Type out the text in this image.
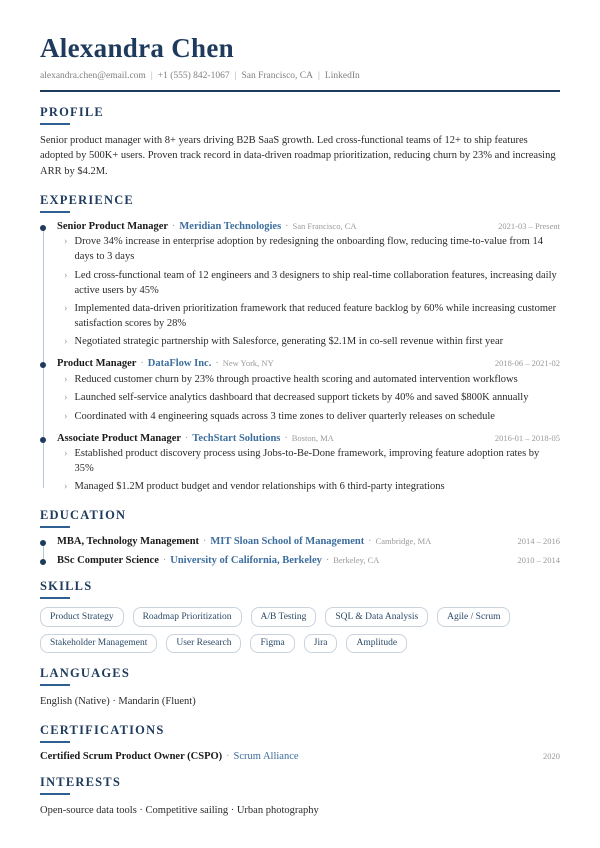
Alexandra Chen
alexandra.chen@email.com | +1 (555) 842-1067 | San Francisco, CA | LinkedIn
PROFILE
Senior product manager with 8+ years driving B2B SaaS growth. Led cross-functional teams of 12+ to ship features adopted by 500K+ users. Proven track record in data-driven roadmap prioritization, reducing churn by 23% and increasing ARR by $4.2M.
EXPERIENCE
Senior Product Manager · Meridian Technologies · San Francisco, CA	2021-03 – Present
› Drove 34% increase in enterprise adoption by redesigning the onboarding flow, reducing time-to-value from 14 days to 3 days
› Led cross-functional team of 12 engineers and 3 designers to ship real-time collaboration features, increasing daily active users by 45%
› Implemented data-driven prioritization framework that reduced feature backlog by 60% while increasing customer satisfaction scores by 28%
› Negotiated strategic partnership with Salesforce, generating $2.1M in co-sell revenue within first year
Product Manager · DataFlow Inc. · New York, NY	2018-06 – 2021-02
› Reduced customer churn by 23% through proactive health scoring and automated intervention workflows
› Launched self-service analytics dashboard that decreased support tickets by 40% and saved $800K annually
› Coordinated with 4 engineering squads across 3 time zones to deliver quarterly releases on schedule
Associate Product Manager · TechStart Solutions · Boston, MA	2016-01 – 2018-05
› Established product discovery process using Jobs-to-Be-Done framework, improving feature adoption rates by 35%
› Managed $1.2M product budget and vendor relationships with 6 third-party integrations
EDUCATION
MBA, Technology Management · MIT Sloan School of Management · Cambridge, MA	2014 – 2016
BSc Computer Science · University of California, Berkeley · Berkeley, CA	2010 – 2014
SKILLS
Product Strategy	Roadmap Prioritization	A/B Testing	SQL & Data Analysis	Agile / Scrum
Stakeholder Management	User Research	Figma	Jira	Amplitude
LANGUAGES
English (Native) · Mandarin (Fluent)
CERTIFICATIONS
Certified Scrum Product Owner (CSPO) · Scrum Alliance	2020
INTERESTS
Open-source data tools · Competitive sailing · Urban photography
